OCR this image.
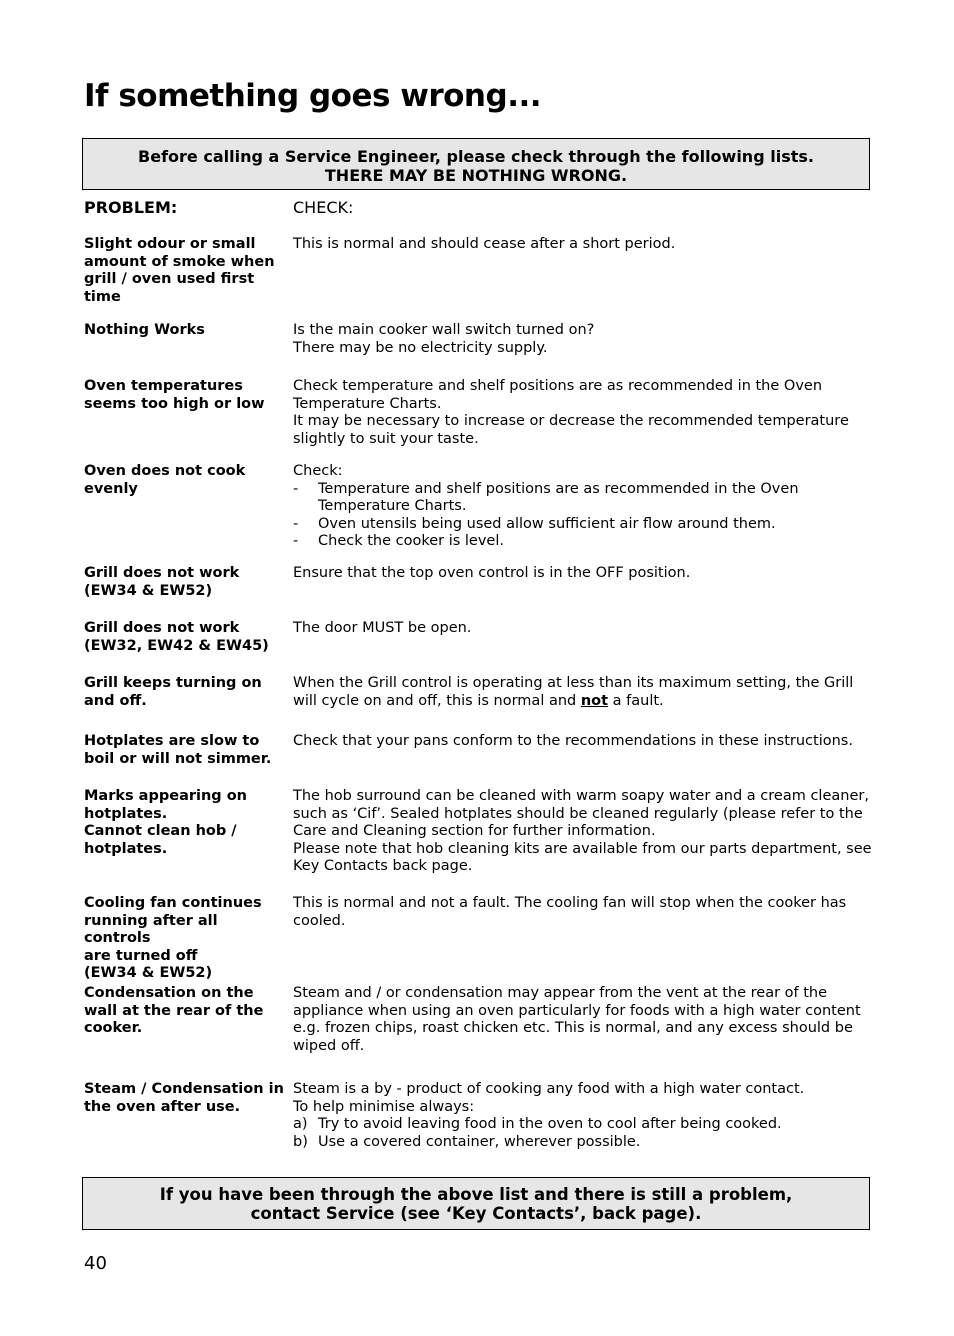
If something goes wrong...
Before calling a Service Engineer, please check through the following lists.
THERE MAY BE NOTHING WRONG.
PROBLEM:	CHECK:
Slight odour or small
amount of smoke when
grill / oven used first
time
This is normal and should cease after a short period.
Nothing Works	Is the main cooker wall switch turned on?
There may be no electricity supply.
Oven temperatures
seems too high or low
Check temperature and shelf positions are as recommended in the Oven
Temperature Charts.
It may be necessary to increase or decrease the recommended temperature
slightly to suit your taste.
Oven does not cook
evenly
Check:
- Temperature and shelf positions are as recommended in the Oven
Temperature Charts.
- Oven utensils being used allow sufficient air flow around them.
- Check the cooker is level.
Grill does not work
(EW34 & EW52)
Ensure that the top oven control is in the OFF position.
Grill does not work
(EW32, EW42 & EW45)
The door MUST be open.
Grill keeps turning on
and off.
When the Grill control is operating at less than its maximum setting, the Grill
will cycle on and off, this is normal and not a fault.
Hotplates are slow to
boil or will not simmer.
Check that your pans conform to the recommendations in these instructions.
Marks appearing on
hotplates.
Cannot clean hob /
hotplates.
The hob surround can be cleaned with warm soapy water and a cream cleaner,
such as ‘Cif’. Sealed hotplates should be cleaned regularly (please refer to the
Care and Cleaning section for further information.
Please note that hob cleaning kits are available from our parts department, see
Key Contacts back page.
Cooling fan continues
running after all controls
are turned off
(EW34 & EW52)
This is normal and not a fault. The cooling fan will stop when the cooker has
cooled.
Condensation on the
wall at the rear of the
cooker.
Steam and / or condensation may appear from the vent at the rear of the
appliance when using an oven particularly for foods with a high water content
e.g. frozen chips, roast chicken etc. This is normal, and any excess should be
wiped off.
Steam / Condensation in
the oven after use.
Steam is a by - product of cooking any food with a high water contact.
To help minimise always:
a) Try to avoid leaving food in the oven to cool after being cooked.
b) Use a covered container, wherever possible.
If you have been through the above list and there is still a problem,
contact Service (see ‘Key Contacts’, back page).
40
